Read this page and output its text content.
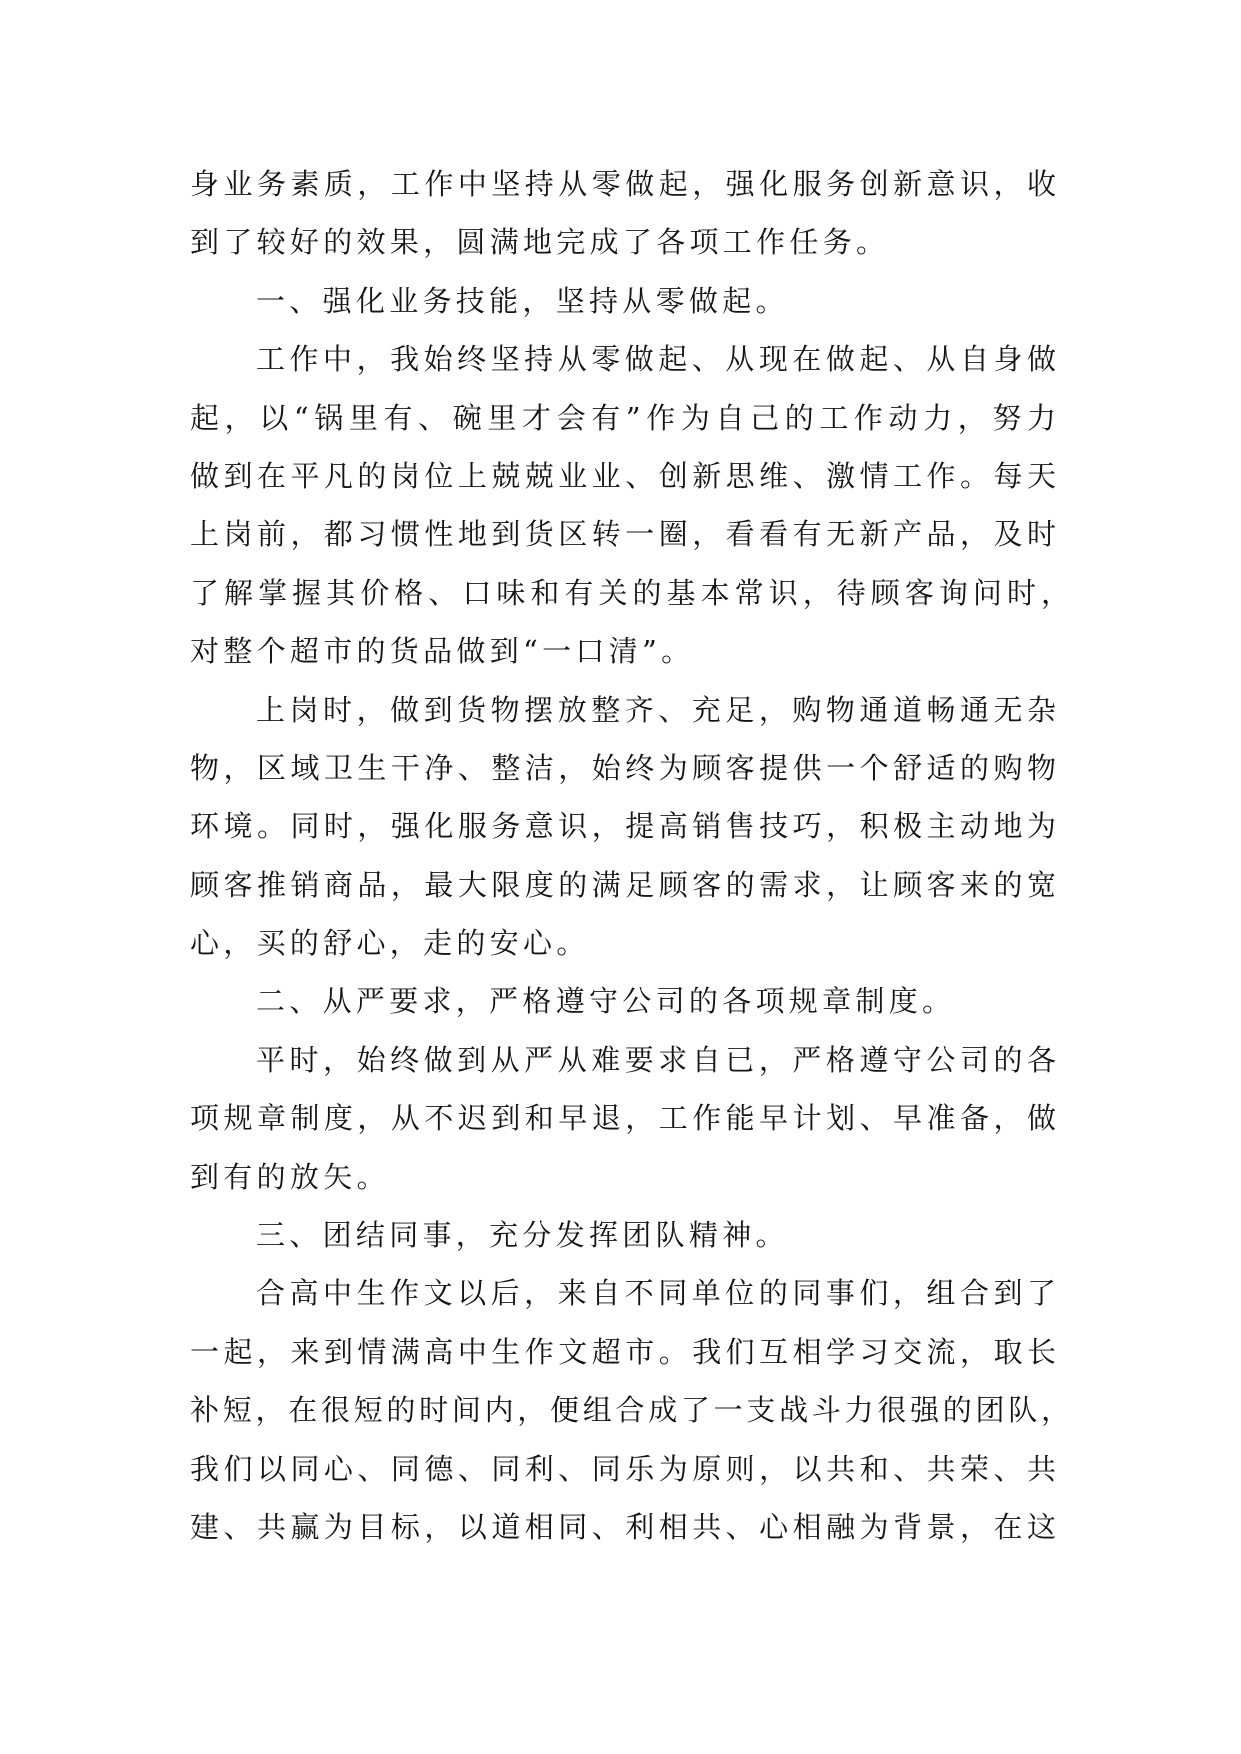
身业务素质，工作中坚持从零做起，强化服务创新意识，收
到了较好的效果，圆满地完成了各项工作任务。
一、强化业务技能，坚持从零做起。
工作中，我始终坚持从零做起、从现在做起、从自身做
起，以“锅里有、碗里才会有”作为自己的工作动力，努力
做到在平凡的岗位上兢兢业业、创新思维、激情工作。每天
上岗前，都习惯性地到货区转一圈，看看有无新产品，及时
了解掌握其价格、口味和有关的基本常识，待顾客询问时，
对整个超市的货品做到“一口清”。
上岗时，做到货物摆放整齐、充足，购物通道畅通无杂
物，区域卫生干净、整洁，始终为顾客提供一个舒适的购物
环境。同时，强化服务意识，提高销售技巧，积极主动地为
顾客推销商品，最大限度的满足顾客的需求，让顾客来的宽
心，买的舒心，走的安心。
二、从严要求，严格遵守公司的各项规章制度。
平时，始终做到从严从难要求自已，严格遵守公司的各
项规章制度，从不迟到和早退，工作能早计划、早准备，做
到有的放矢。
三、团结同事，充分发挥团队精神。
合高中生作文以后，来自不同单位的同事们，组合到了
一起，来到情满高中生作文超市。我们互相学习交流，取长
补短，在很短的时间内，便组合成了一支战斗力很强的团队，
我们以同心、同德、同利、同乐为原则，以共和、共荣、共
建、共赢为目标，以道相同、利相共、心相融为背景，在这
